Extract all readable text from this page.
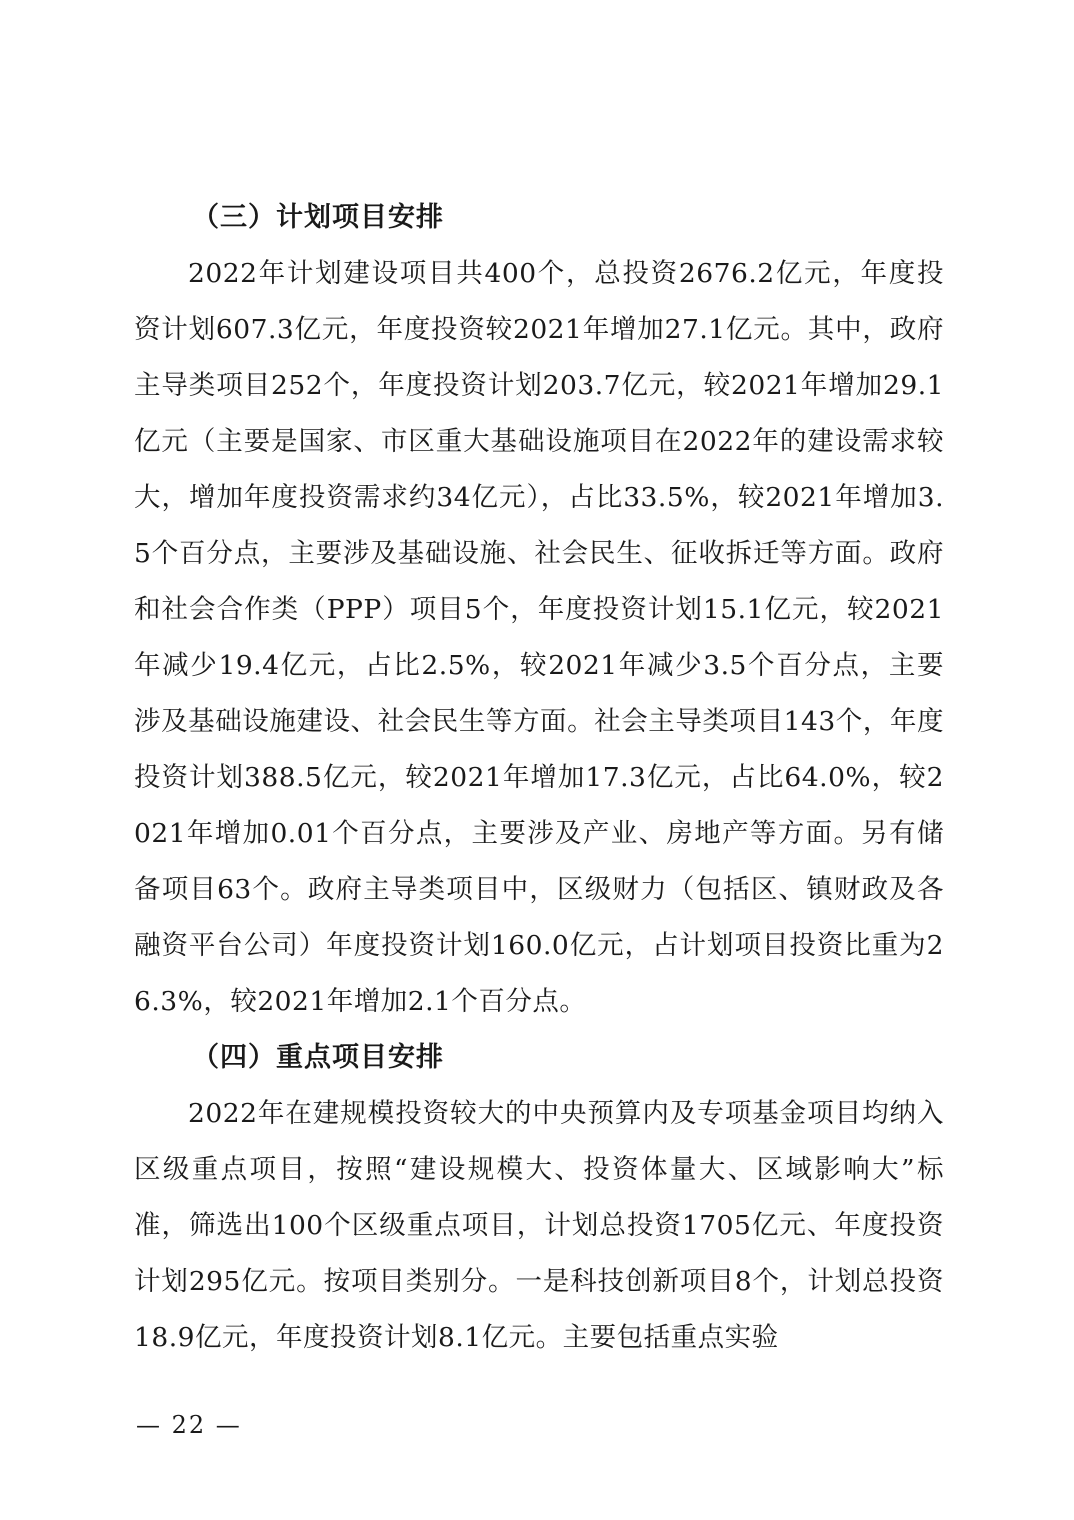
（三）计划项目安排

2022年计划建设项目共400个，总投资2676.2亿元，年度投资计划607.3亿元，年度投资较2021年增加27.1亿元。其中，政府主导类项目252个，年度投资计划203.7亿元，较2021年增加29.1亿元（主要是国家、市区重大基础设施项目在2022年的建设需求较大，增加年度投资需求约34亿元），占比33.5%，较2021年增加3.5个百分点，主要涉及基础设施、社会民生、征收拆迁等方面。政府和社会合作类（PPP）项目5个，年度投资计划15.1亿元，较2021年减少19.4亿元，占比2.5%，较2021年减少3.5个百分点，主要涉及基础设施建设、社会民生等方面。社会主导类项目143个，年度投资计划388.5亿元，较2021年增加17.3亿元，占比64.0%，较2021年增加0.01个百分点，主要涉及产业、房地产等方面。另有储备项目63个。政府主导类项目中，区级财力（包括区、镇财政及各融资平台公司）年度投资计划160.0亿元，占计划项目投资比重为26.3%，较2021年增加2.1个百分点。

（四）重点项目安排

2022年在建规模投资较大的中央预算内及专项基金项目均纳入区级重点项目，按照“建设规模大、投资体量大、区域影响大”标准，筛选出100个区级重点项目，计划总投资1705亿元、年度投资计划295亿元。按项目类别分。一是科技创新项目8个，计划总投资18.9亿元，年度投资计划8.1亿元。主要包括重点实验

— 22 —
